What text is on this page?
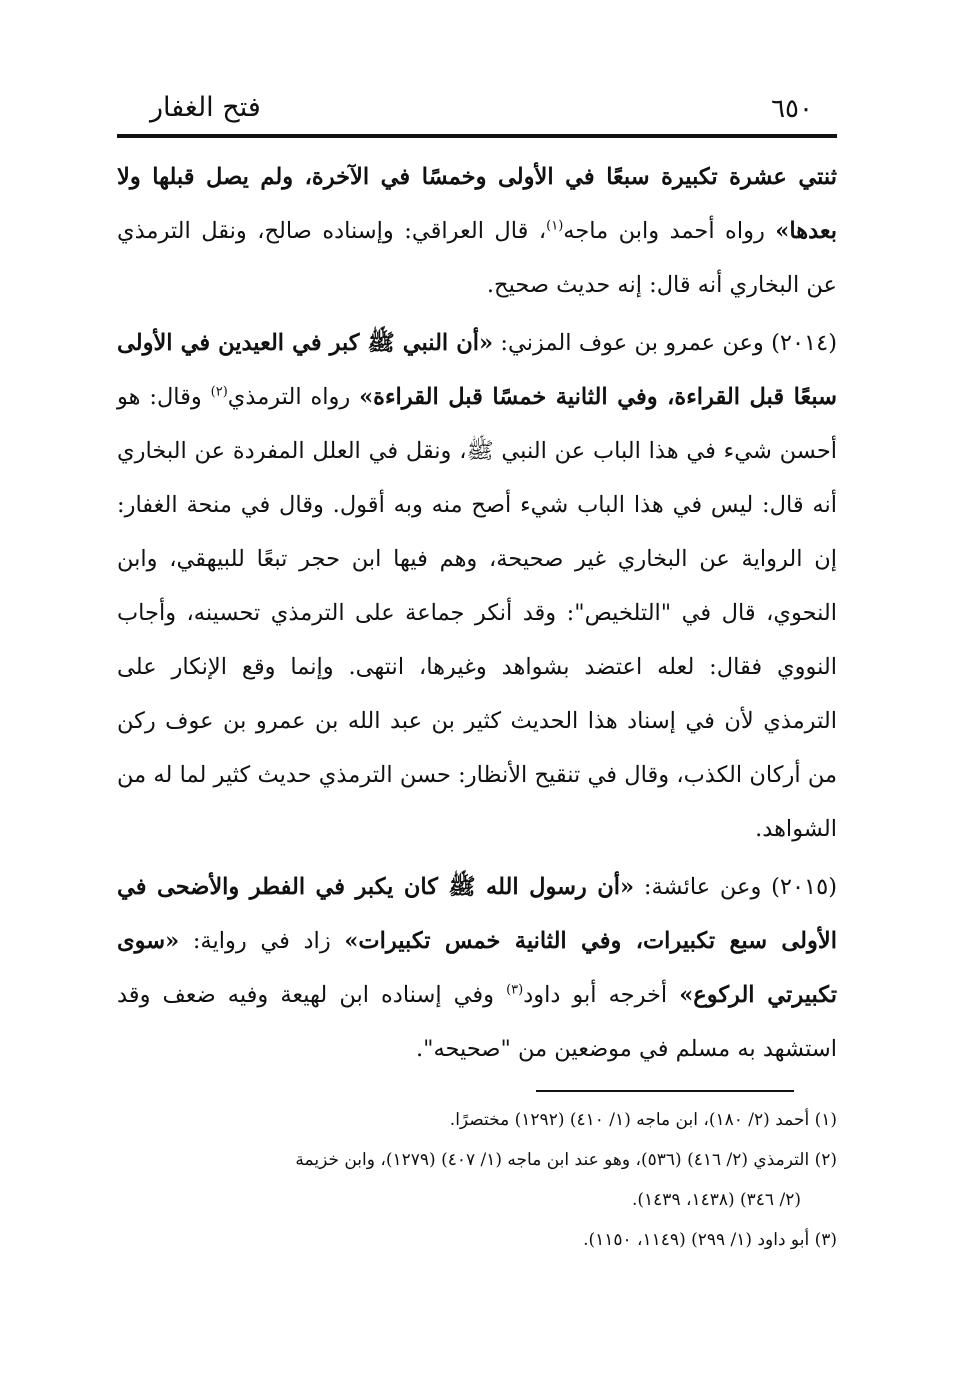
فتح الغفار	٦٥٠

ثنتي عشرة تكبيرة سبعًا في الأولى وخمسًا في الآخرة، ولم يصل قبلها ولا بعدها» رواه أحمد وابن ماجه$^{(١)}$، قال العراقي: وإسناده صالح، ونقل الترمذي عن البخاري أنه قال: إنه حديث صحيح.

(٢٠١٤) وعن عمرو بن عوف المزني: «أن النبي ﷺ كبر في العيدين في الأولى سبعًا قبل القراءة، وفي الثانية خمسًا قبل القراءة» رواه الترمذي$^{(٢)}$ وقال: هو أحسن شيء في هذا الباب عن النبي ﷺ، ونقل في العلل المفردة عن البخاري أنه قال: ليس في هذا الباب شيء أصح منه وبه أقول. وقال في منحة الغفار: إن الرواية عن البخاري غير صحيحة، وهم فيها ابن حجر تبعًا للبيهقي، وابن النحوي، قال في "التلخيص": وقد أنكر جماعة على الترمذي تحسينه، وأجاب النووي فقال: لعله اعتضد بشواهد وغيرها، انتهى. وإنما وقع الإنكار على الترمذي لأن في إسناد هذا الحديث كثير بن عبد الله بن عمرو بن عوف ركن من أركان الكذب، وقال في تنقيح الأنظار: حسن الترمذي حديث كثير لما له من الشواهد.

(٢٠١٥) وعن عائشة: «أن رسول الله ﷺ كان يكبر في الفطر والأضحى في الأولى سبع تكبيرات، وفي الثانية خمس تكبيرات» زاد في رواية: «سوى تكبيرتي الركوع» أخرجه أبو داود$^{(٣)}$ وفي إسناده ابن لهيعة وفيه ضعف وقد استشهد به مسلم في موضعين من "صحيحه".

(١) أحمد (٢/ ١٨٠)، ابن ماجه (١/ ٤١٠) (١٢٩٢) مختصرًا.

(٢) الترمذي (٢/ ٤١٦) (٥٣٦)، وهو عند ابن ماجه (١/ ٤٠٧) (١٢٧٩)، وابن خزيمة

(٢/ ٣٤٦) (١٤٣٨، ١٤٣٩).

(٣) أبو داود (١/ ٢٩٩) (١١٤٩، ١١٥٠).
